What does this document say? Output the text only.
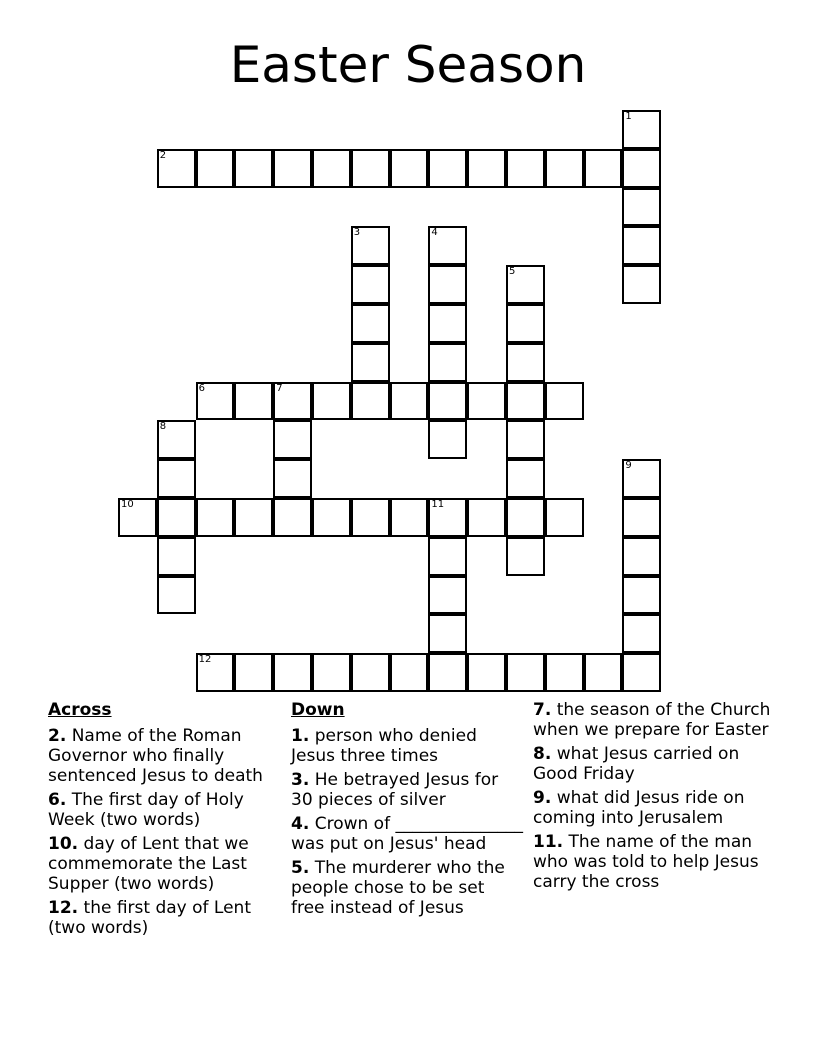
Easter Season
1
2
3	4
5
6	7
8
9
10	11
12
Across
2. Name of the Roman Governor who finally sentenced Jesus to death
6. The first day of Holy Week (two words)
10. day of Lent that we commemorate the Last Supper (two words)
12. the first day of Lent (two words)
Down
1. person who denied Jesus three times
3. He betrayed Jesus for 30 pieces of silver
4. Crown of _______________ was put on Jesus' head
5. The murderer who the people chose to be set free instead of Jesus
7. the season of the Church when we prepare for Easter
8. what Jesus carried on Good Friday
9. what did Jesus ride on coming into Jerusalem
11. The name of the man who was told to help Jesus carry the cross
